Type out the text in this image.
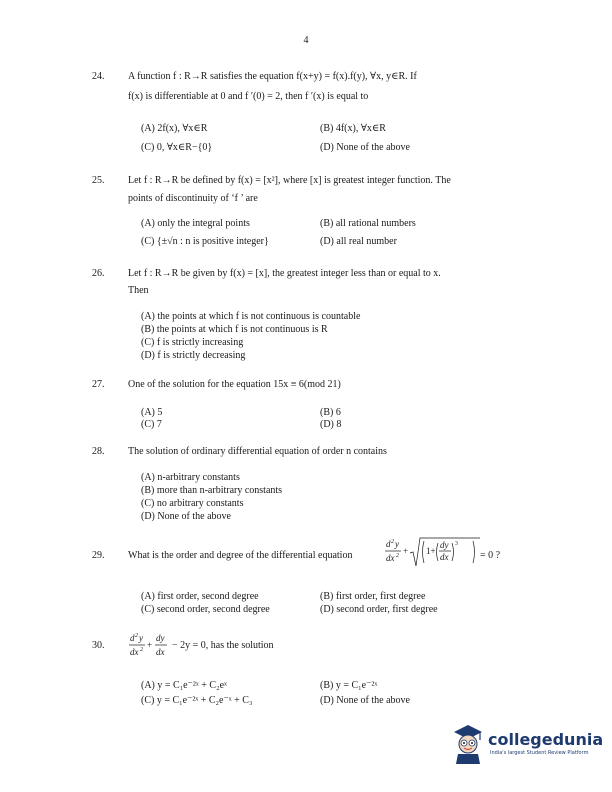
4
24. A function f : R→R satisfies the equation f(x+y) = f(x).f(y), ∀x, y∈R. If
f(x) is differentiable at 0 and f ′(0) = 2, then f ′(x) is equal to
(A) 2f(x), ∀x∈R	(B) 4f(x), ∀x∈R
(C) 0, ∀x∈R−{0}	(D) None of the above
25. Let f : R→R be defined by f(x) = [x²], where [x] is greatest integer function. The
points of discontinuity of ‘f ’ are
(A) only the integral points	(B) all rational numbers
(C) {±√n : n is positive integer}	(D) all real number
26. Let f : R→R be given by f(x) = [x], the greatest integer less than or equal to x.
Then
(A) the points at which f is not continuous is countable
(B) the points at which f is not continuous is R
(C) f is strictly increasing
(D) f is strictly decreasing
27. One of the solution for the equation 15x ≡ 6(mod 21)
(A) 5	(B) 6
(C) 7	(D) 8
28. The solution of ordinary differential equation of order n contains
(A) n-arbitrary constants
(B) more than n-arbitrary constants
(C) no arbitrary constants
(D) None of the above
29. What is the order and degree of the differential equation
d 2 y
dx 2 + 1+
dy
dx
3
= 0 ?
(A) first order, second degree	(B) first order, first degree
(C) second order, second degree	(D) second order, first degree
30.
d 2 y
dx 2 +
dy
dx
− 2y = 0, has the solution
(A) y = C₁e⁻²ˣ + C₂eˣ	(B) y = C₁e⁻²ˣ
(C) y = C₁e⁻²ˣ + C₂e⁻ˣ + C₃	(D) None of the above
collegedunia
India's largest Student Review Platform
